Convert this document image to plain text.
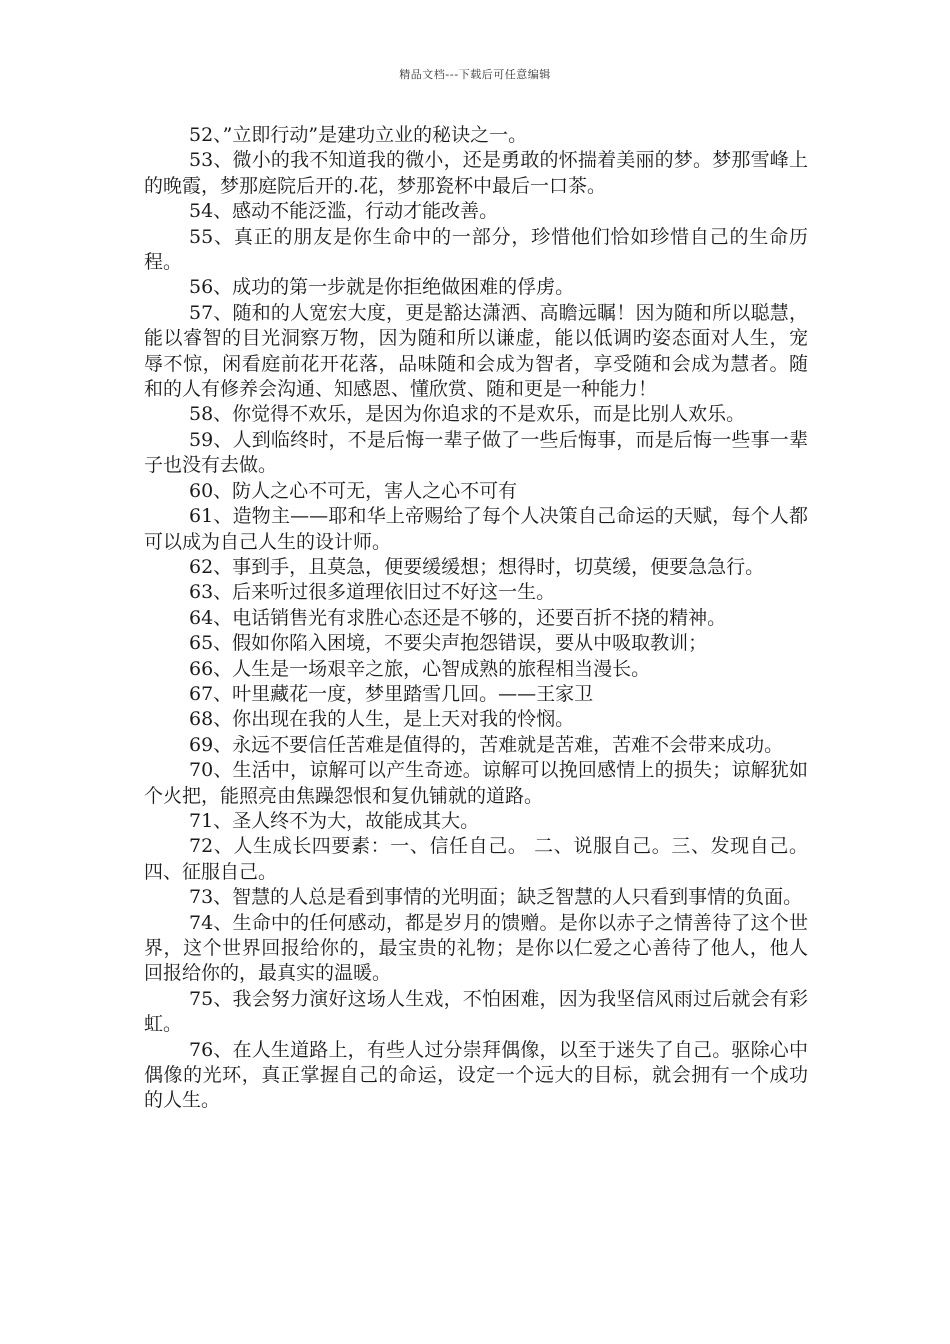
精品文档---下载后可任意编辑

52、”立即行动”是建功立业的秘诀之一。

53、微小的我不知道我的微小，还是勇敢的怀揣着美丽的梦。梦那雪峰上的晚霞，梦那庭院后开的.花，梦那瓷杯中最后一口茶。

54、感动不能泛滥，行动才能改善。

55、真正的朋友是你生命中的一部分，珍惜他们恰如珍惜自己的生命历程。

56、成功的第一步就是你拒绝做困难的俘虏。

57、随和的人宽宏大度，更是豁达潇洒、高瞻远瞩！因为随和所以聪慧，能以睿智的目光洞察万物，因为随和所以谦虚，能以低调旳姿态面对人生，宠辱不惊，闲看庭前花开花落，品味随和会成为智者，享受随和会成为慧者。随和的人有修养会沟通、知感恩、懂欣赏、随和更是一种能力！

58、你觉得不欢乐，是因为你追求的不是欢乐，而是比别人欢乐。

59、人到临终时，不是后悔一辈子做了一些后悔事，而是后悔一些事一辈子也没有去做。

60、防人之心不可无，害人之心不可有

61、造物主——耶和华上帝赐给了每个人决策自己命运的天赋，每个人都可以成为自己人生的设计师。

62、事到手，且莫急，便要缓缓想；想得时，切莫缓，便要急急行。

63、后来听过很多道理依旧过不好这一生。

64、电话销售光有求胜心态还是不够的，还要百折不挠的精神。

65、假如你陷入困境，不要尖声抱怨错误，要从中吸取教训；

66、人生是一场艰辛之旅，心智成熟的旅程相当漫长。

67、叶里藏花一度，梦里踏雪几回。——王家卫

68、你出现在我的人生，是上天对我的怜悯。

69、永远不要信任苦难是值得的，苦难就是苦难，苦难不会带来成功。

70、生活中，谅解可以产生奇迹。谅解可以挽回感情上的损失；谅解犹如个火把，能照亮由焦躁怨恨和复仇铺就的道路。

71、圣人终不为大，故能成其大。

72、人生成长四要素：一、信任自己。 二、说服自己。三、发现自己。 四、征服自己。

73、智慧的人总是看到事情的光明面；缺乏智慧的人只看到事情的负面。

74、生命中的任何感动，都是岁月的馈赠。是你以赤子之情善待了这个世界，这个世界回报给你的，最宝贵的礼物；是你以仁爱之心善待了他人，他人回报给你的，最真实的温暖。

75、我会努力演好这场人生戏，不怕困难，因为我坚信风雨过后就会有彩虹。

76、在人生道路上，有些人过分崇拜偶像，以至于迷失了自己。驱除心中偶像的光环，真正掌握自己的命运，设定一个远大的目标，就会拥有一个成功的人生。
